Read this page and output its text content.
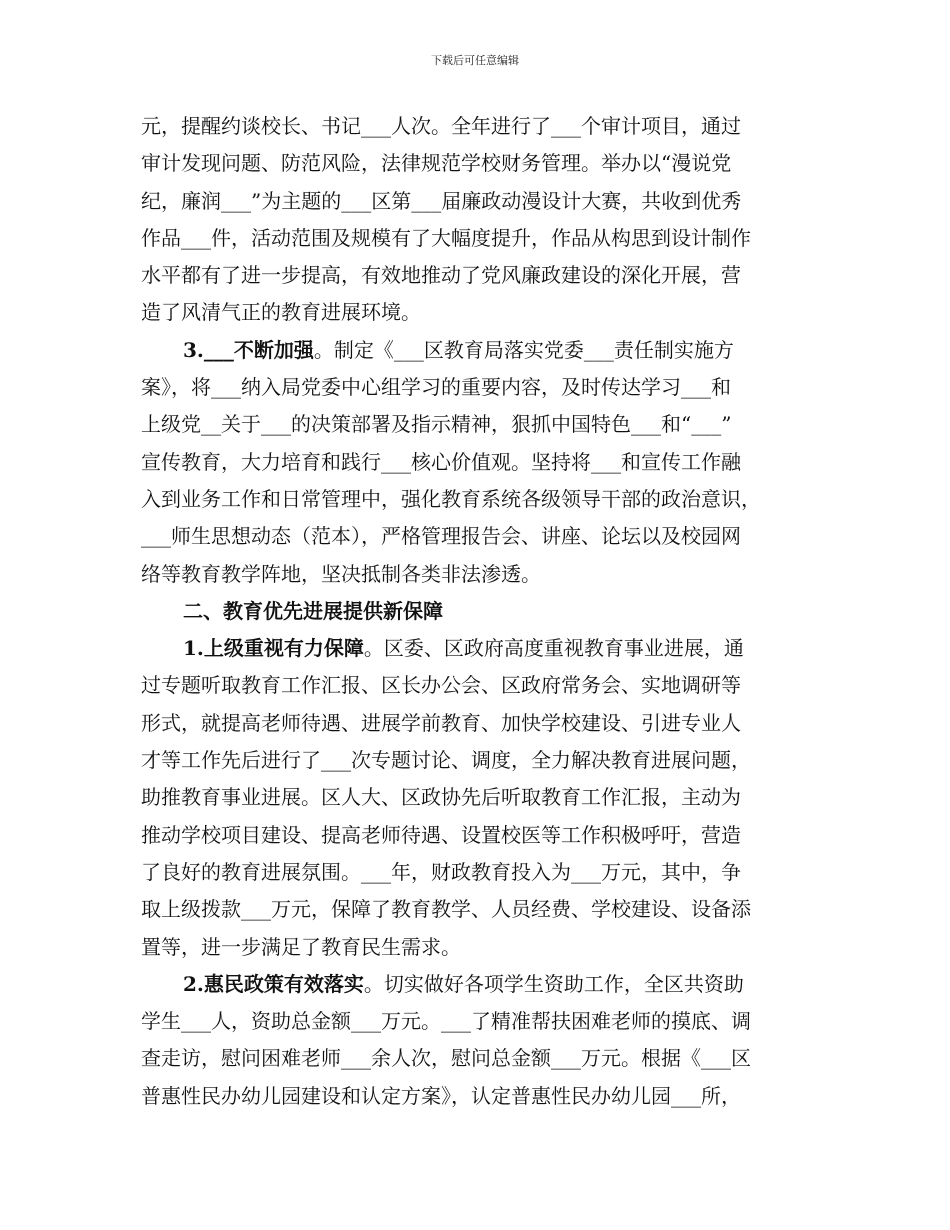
下载后可任意编辑
元，提醒约谈校长、书记___人次。全年进行了___个审计项目，通过
审计发现问题、防范风险，法律规范学校财务管理。举办以“漫说党
纪，廉润___”为主题的___区第___届廉政动漫设计大赛，共收到优秀
作品___件，活动范围及规模有了大幅度提升，作品从构思到设计制作
水平都有了进一步提高，有效地推动了党风廉政建设的深化开展，营
造了风清气正的教育进展环境。
3.___不断加强。制定《___区教育局落实党委___责任制实施方
案》，将___纳入局党委中心组学习的重要内容，及时传达学习___和
上级党__关于___的决策部署及指示精神，狠抓中国特色___和“___”
宣传教育，大力培育和践行___核心价值观。坚持将___和宣传工作融
入到业务工作和日常管理中，强化教育系统各级领导干部的政治意识，
___师生思想动态（范本），严格管理报告会、讲座、论坛以及校园网
络等教育教学阵地，坚决抵制各类非法渗透。
二、教育优先进展提供新保障
1.上级重视有力保障。区委、区政府高度重视教育事业进展，通
过专题听取教育工作汇报、区长办公会、区政府常务会、实地调研等
形式，就提高老师待遇、进展学前教育、加快学校建设、引进专业人
才等工作先后进行了___次专题讨论、调度，全力解决教育进展问题，
助推教育事业进展。区人大、区政协先后听取教育工作汇报，主动为
推动学校项目建设、提高老师待遇、设置校医等工作积极呼吁，营造
了良好的教育进展氛围。___年，财政教育投入为___万元，其中，争
取上级拨款___万元，保障了教育教学、人员经费、学校建设、设备添
置等，进一步满足了教育民生需求。
2.惠民政策有效落实。切实做好各项学生资助工作，全区共资助
学生___人，资助总金额___万元。___了精准帮扶困难老师的摸底、调
查走访，慰问困难老师___余人次，慰问总金额___万元。根据《___区
普惠性民办幼儿园建设和认定方案》，认定普惠性民办幼儿园___所，
